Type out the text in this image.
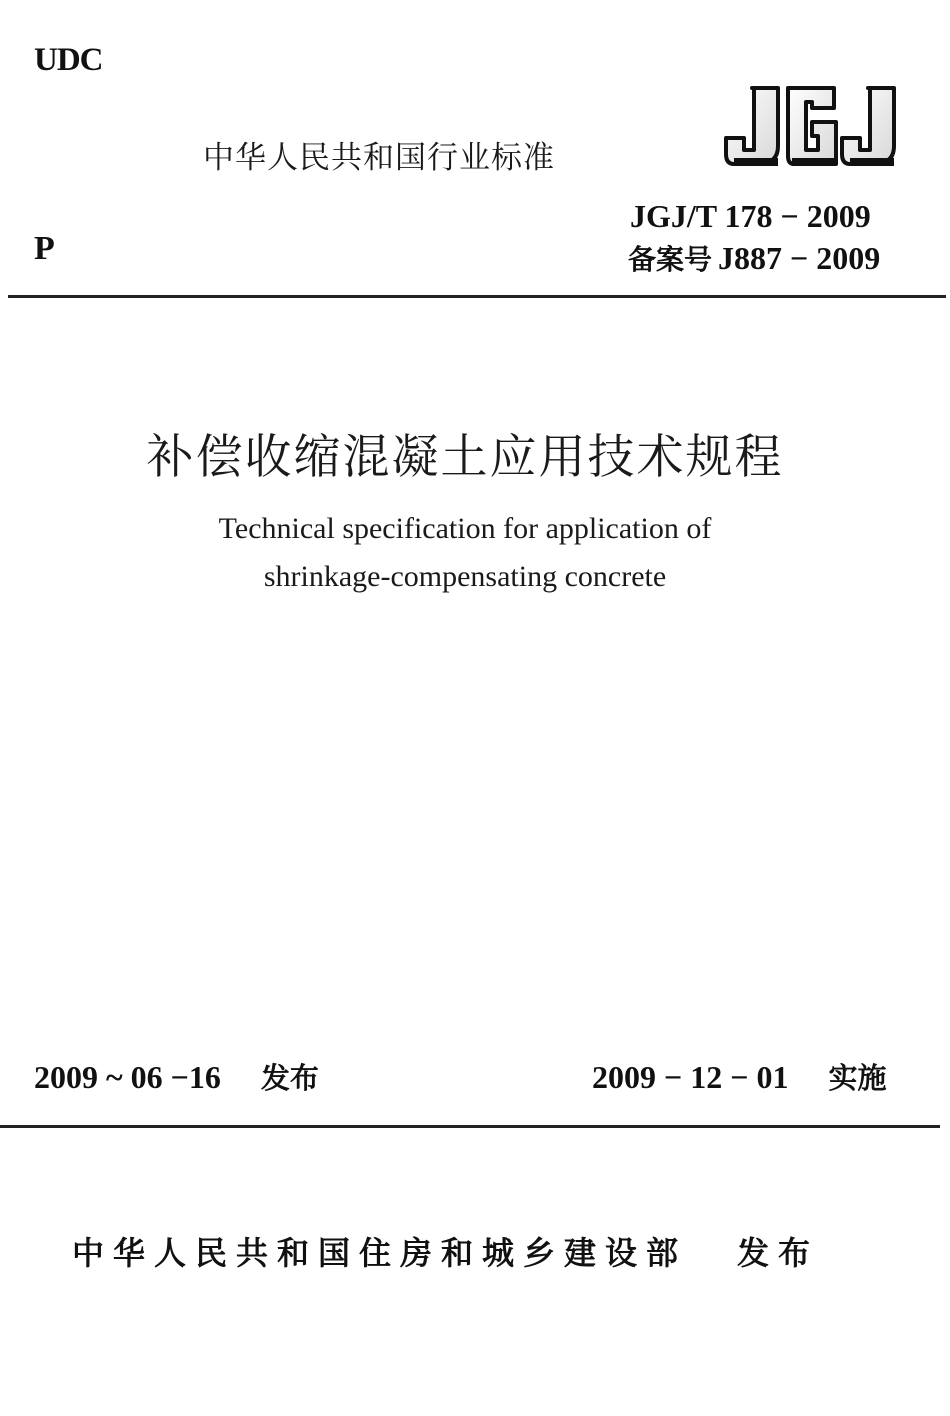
UDC
中华人民共和国行业标准
JGJ/T 178 − 2009
P	备案号 J887 − 2009
补偿收缩混凝土应用技术规程
Technical specification for application of
shrinkage-compensating concrete
2009 ~ 06 −16 发布	2009 − 12 − 01 实施
中华人民共和国住房和城乡建设部 发布
